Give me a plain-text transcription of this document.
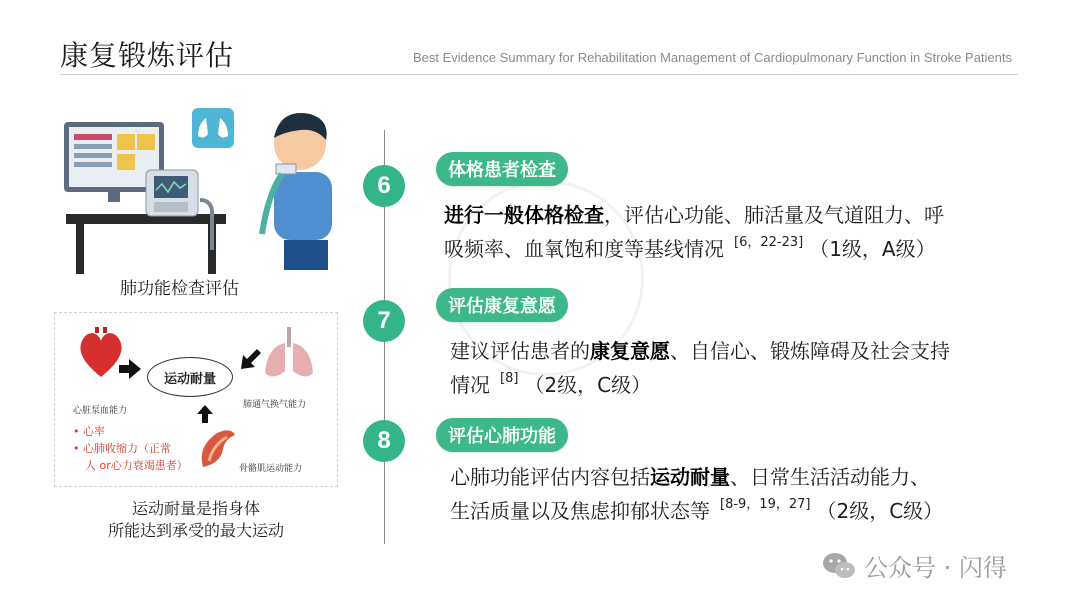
康复锻炼评估	Best Evidence Summary for Rehabilitation Management of Cardiopulmonary Function in Stroke Patients
肺功能检查评估
心脏泵血能力
运动耐量
肺通气换气能力
骨骼肌运动能力
• 心率
• 心肺收缩力（正常
人 or心力衰竭患者）
运动耐量是指身体
所能达到承受的最大运动
6
体格患者检查
进行一般体格检查，评估心功能、肺活量及气道阻力、呼
吸频率、血氧饱和度等基线情况 [6，22-23] （1级，A级）
7
评估康复意愿
建议评估患者的康复意愿、自信心、锻炼障碍及社会支持
情况 [8] （2级，C级）
8	评估心肺功能
心肺功能评估内容包括运动耐量、日常生活活动能力、
生活质量以及焦虑抑郁状态等 [8-9，19，27] （2级，C级）
公众号 · 闪得
